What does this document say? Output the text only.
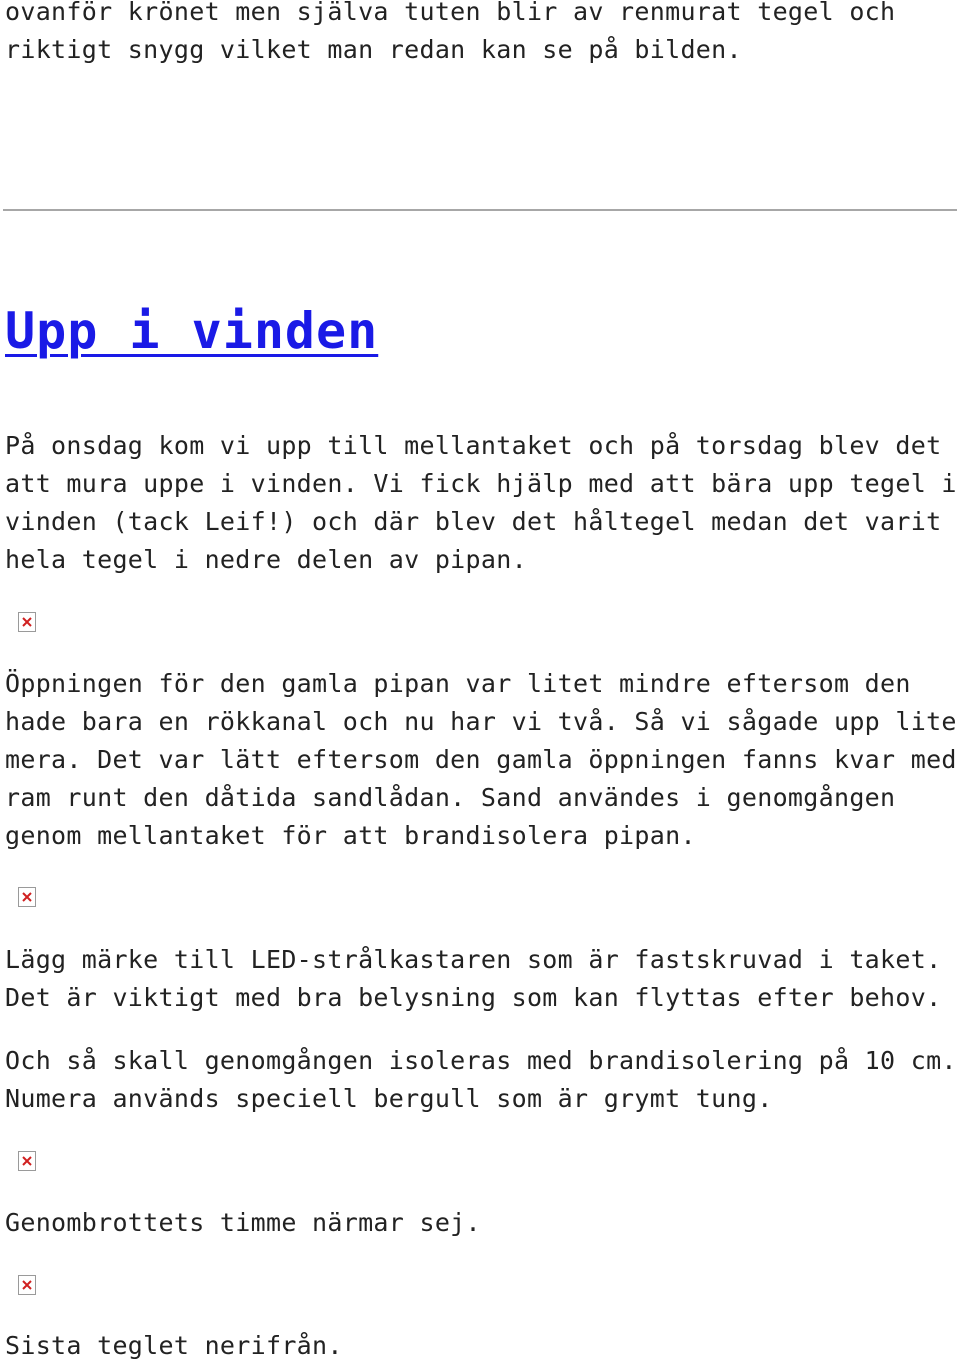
ovanför krönet men själva tuten blir av renmurat tegel och
riktigt snygg vilket man redan kan se på bilden.

Upp i vinden

På onsdag kom vi upp till mellantaket och på torsdag blev det att mura uppe i vinden. Vi fick hjälp med att bära upp tegel i vinden (tack Leif!) och där blev det håltegel medan det varit hela tegel i nedre delen av pipan.

Öppningen för den gamla pipan var litet mindre eftersom den hade bara en rökkanal och nu har vi två. Så vi sågade upp lite mera. Det var lätt eftersom den gamla öppningen fanns kvar med ram runt den dåtida sandlådan. Sand användes i genomgången genom mellantaket för att brandisolera pipan.

Lägg märke till LED-strålkastaren som är fastskruvad i taket. Det är viktigt med bra belysning som kan flyttas efter behov.

Och så skall genomgången isoleras med brandisolering på 10 cm. Numera används speciell bergull som är grymt tung.

Genombrottets timme närmar sej.

Sista teglet nerifrån.
